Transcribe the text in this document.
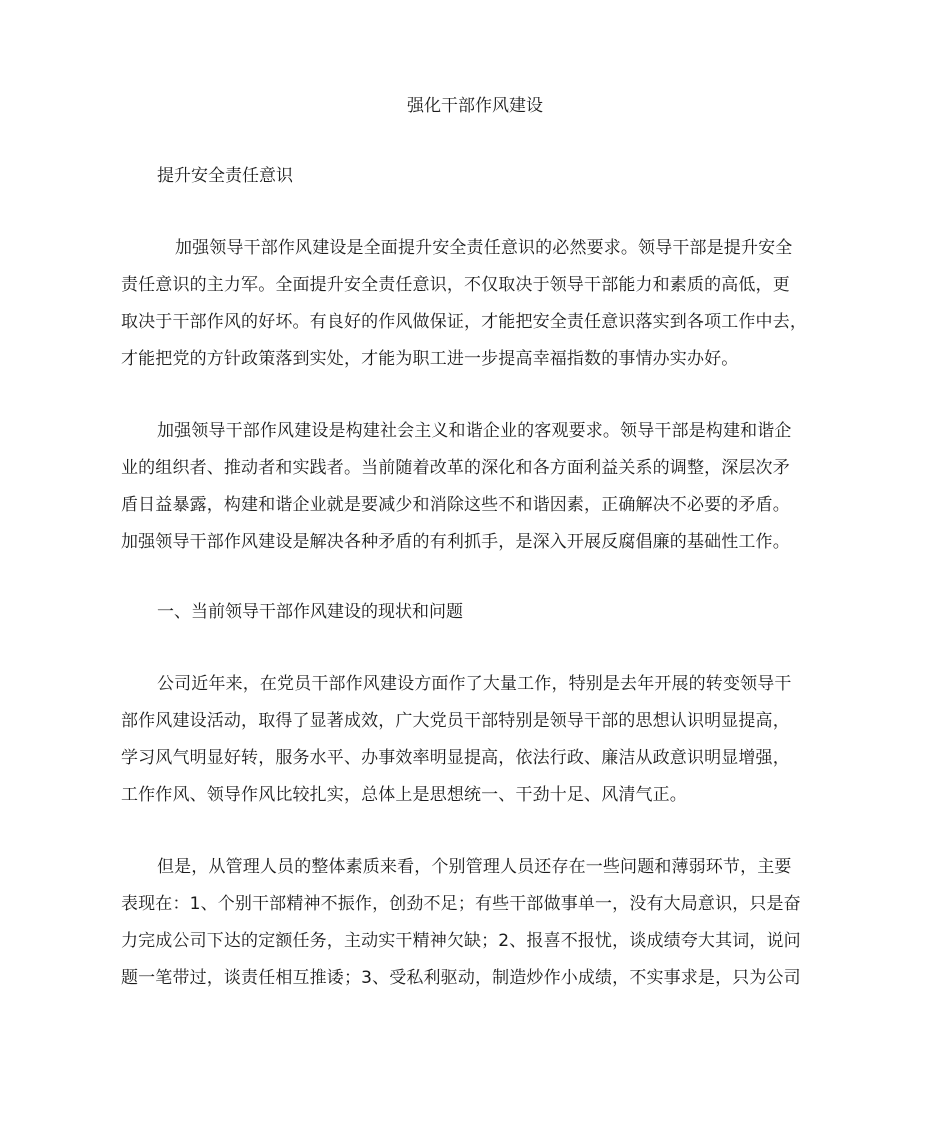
强化干部作风建设
提升安全责任意识
加强领导干部作风建设是全面提升安全责任意识的必然要求。领导干部是提升安全
责任意识的主力军。全面提升安全责任意识，不仅取决于领导干部能力和素质的高低，更
取决于干部作风的好坏。有良好的作风做保证，才能把安全责任意识落实到各项工作中去，
才能把党的方针政策落到实处，才能为职工进一步提高幸福指数的事情办实办好。
加强领导干部作风建设是构建社会主义和谐企业的客观要求。领导干部是构建和谐企
业的组织者、推动者和实践者。当前随着改革的深化和各方面利益关系的调整，深层次矛
盾日益暴露，构建和谐企业就是要减少和消除这些不和谐因素，正确解决不必要的矛盾。
加强领导干部作风建设是解决各种矛盾的有利抓手，是深入开展反腐倡廉的基础性工作。
一、当前领导干部作风建设的现状和问题
公司近年来，在党员干部作风建设方面作了大量工作，特别是去年开展的转变领导干
部作风建设活动，取得了显著成效，广大党员干部特别是领导干部的思想认识明显提高，
学习风气明显好转，服务水平、办事效率明显提高，依法行政、廉洁从政意识明显增强，
工作作风、领导作风比较扎实，总体上是思想统一、干劲十足、风清气正。
但是，从管理人员的整体素质来看，个别管理人员还存在一些问题和薄弱环节，主要
表现在：1、个别干部精神不振作，创劲不足；有些干部做事单一，没有大局意识，只是奋
力完成公司下达的定额任务，主动实干精神欠缺；2、报喜不报忧，谈成绩夸大其词，说问
题一笔带过，谈责任相互推诿；3、受私利驱动，制造炒作小成绩，不实事求是，只为公司
